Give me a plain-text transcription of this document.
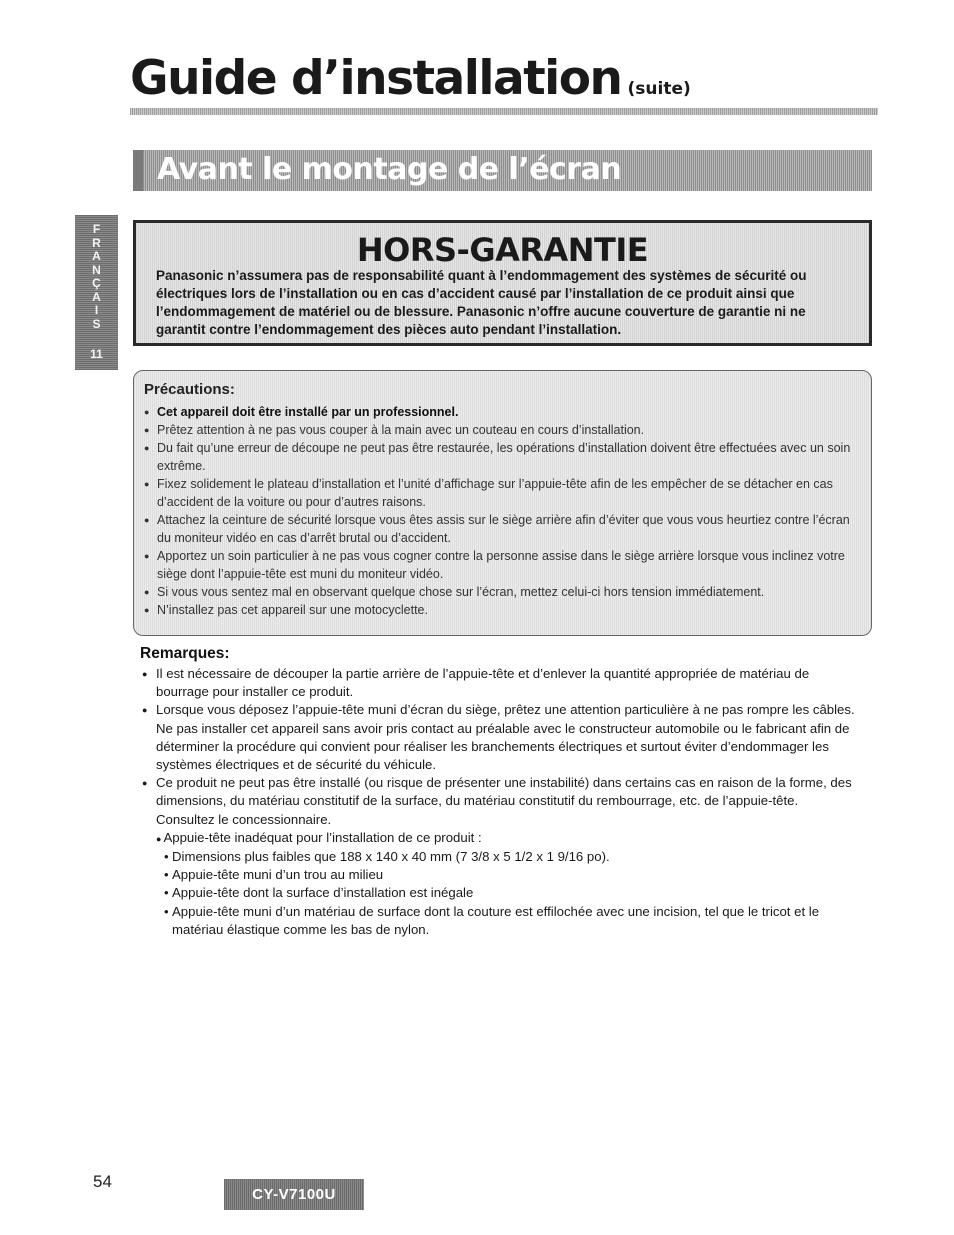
Guide d’installation (suite)
Avant le montage de l’écran
F
R
A
N
Ç
A
I
S
11
HORS-GARANTIE
Panasonic n’assumera pas de responsabilité quant à l’endommagement des systèmes de sécurité ou électriques lors de l’installation ou en cas d’accident causé par l’installation de ce produit ainsi que l’endommagement de matériel ou de blessure. Panasonic n’offre aucune couverture de garantie ni ne garantit contre l’endommagement des pièces auto pendant l’installation.
Précautions:
● Cet appareil doit être installé par un professionnel.
● Prêtez attention à ne pas vous couper à la main avec un couteau en cours d’installation.
● Du fait qu’une erreur de découpe ne peut pas être restaurée, les opérations d’installation doivent être effectuées avec un soin extrême.
● Fixez solidement le plateau d’installation et l’unité d’affichage sur l’appuie-tête afin de les empêcher de se détacher en cas d’accident de la voiture ou pour d’autres raisons.
● Attachez la ceinture de sécurité lorsque vous êtes assis sur le siège arrière afin d’éviter que vous vous heurtiez contre l’écran du moniteur vidéo en cas d’arrêt brutal ou d’accident.
● Apportez un soin particulier à ne pas vous cogner contre la personne assise dans le siège arrière lorsque vous inclinez votre siège dont l’appuie-tête est muni du moniteur vidéo.
● Si vous vous sentez mal en observant quelque chose sur l’écran, mettez celui-ci hors tension immédiatement.
● N’installez pas cet appareil sur une motocyclette.
Remarques:
● Il est nécessaire de découper la partie arrière de l’appuie-tête et d’enlever la quantité appropriée de matériau de bourrage pour installer ce produit.
● Lorsque vous déposez l’appuie-tête muni d’écran du siège, prêtez une attention particulière à ne pas rompre les câbles.
Ne pas installer cet appareil sans avoir pris contact au préalable avec le constructeur automobile ou le fabricant afin de déterminer la procédure qui convient pour réaliser les branchements électriques et surtout éviter d’endommager les systèmes électriques et de sécurité du véhicule.
● Ce produit ne peut pas être installé (ou risque de présenter une instabilité) dans certains cas en raison de la forme, des dimensions, du matériau constitutif de la surface, du matériau constitutif du rembourrage, etc. de l’appuie-tête. Consultez le concessionnaire.
● Appuie-tête inadéquat pour l’installation de ce produit :
• Dimensions plus faibles que 188 x 140 x 40 mm (7 3/8 x 5 1/2 x 1 9/16 po).
• Appuie-tête muni d’un trou au milieu
• Appuie-tête dont la surface d’installation est inégale
• Appuie-tête muni d’un matériau de surface dont la couture est effilochée avec une incision, tel que le tricot et le matériau élastique comme les bas de nylon.
54
CY-V7100U
